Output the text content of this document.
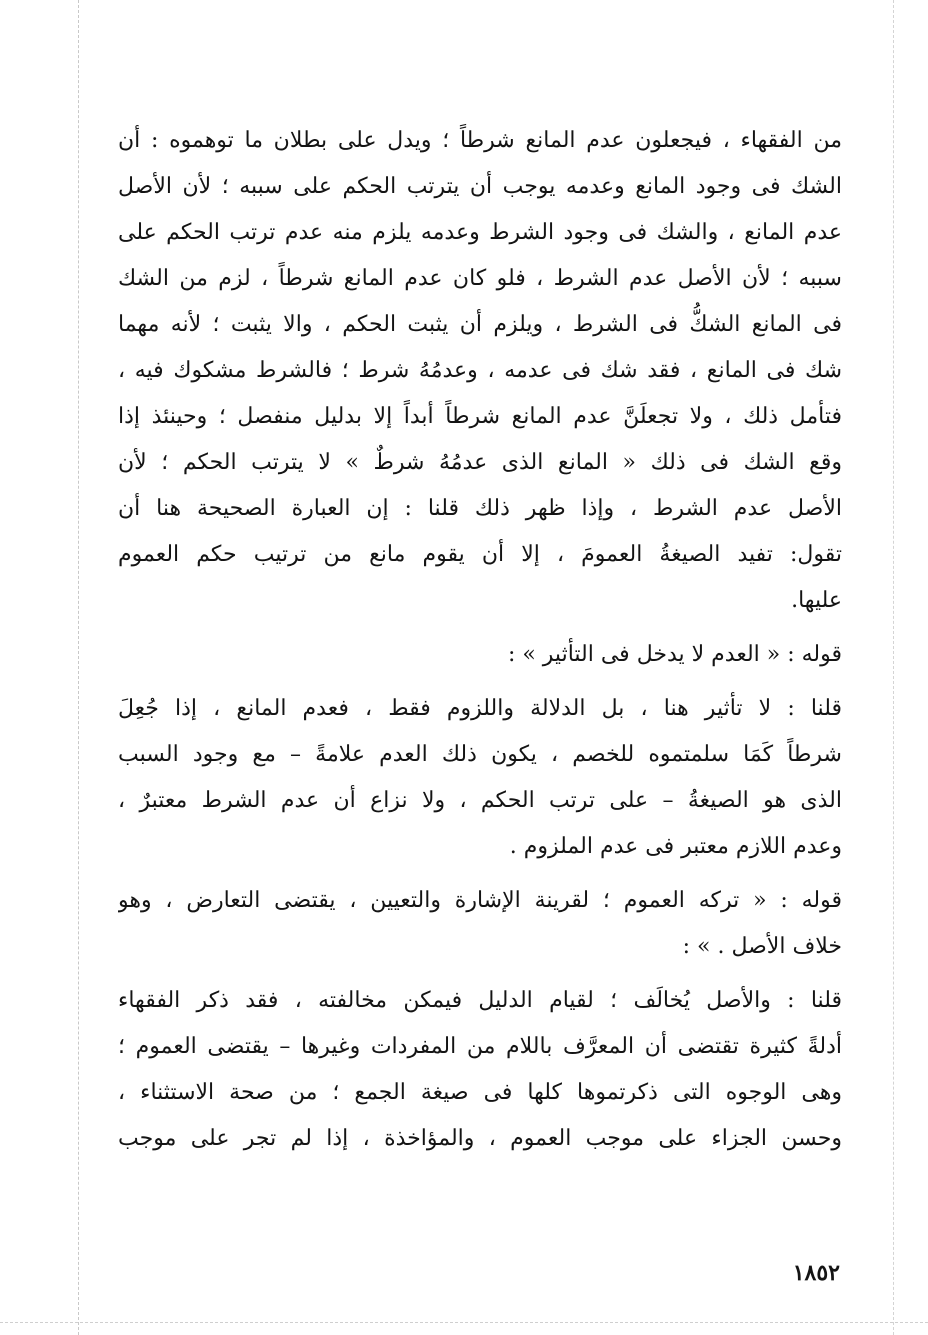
من الفقهاء ، فيجعلون عدم المانع شرطاً ؛ ويدل على بطلان ما توهموه : أن
الشك فى وجود المانع وعدمه يوجب أن يترتب الحكم على سببه ؛ لأن الأصل
عدم المانع ، والشك فى وجود الشرط وعدمه يلزم منه عدم ترتب الحكم على
سببه ؛ لأن الأصل عدم الشرط ، فلو كان عدم المانع شرطاً ، لزم من الشك
فى المانع الشكُّ فى الشرط ، ويلزم أن يثبت الحكم ، والا يثبت ؛ لأنه مهما
شك فى المانع ، فقد شك فى عدمه ، وعدمُهُ شرط ؛ فالشرط مشكوك فيه ،
فتأمل ذلك ، ولا تجعلَنَّ عدم المانع شرطاً أبداً إلا بدليل منفصل ؛ وحينئذ إذا
وقع الشك فى ذلك « المانع الذى عدمُهُ شرطٌ » لا يترتب الحكم ؛ لأن
الأصل عدم الشرط ، وإذا ظهر ذلك قلنا : إن العبارة الصحيحة هنا أن
تقول: تفيد الصيغةُ العمومَ ، إلا أن يقوم مانع من ترتيب حكم العموم
عليها.
قوله : « العدم لا يدخل فى التأثير » :
قلنا : لا تأثير هنا ، بل الدلالة واللزوم فقط ، فعدم المانع ، إذا جُعِلَ
شرطاً كَمَا سلمتموه للخصم ، يكون ذلك العدم علامةً – مع وجود السبب
الذى هو الصيغةُ – على ترتب الحكم ، ولا نزاع أن عدم الشرط معتبرٌ ،
وعدم اللازم معتبر فى عدم الملزوم .
قوله : « تركه العموم ؛ لقرينة الإشارة والتعيين ، يقتضى التعارض ، وهو
خلاف الأصل . » :
قلنا : والأصل يُخالَف ؛ لقيام الدليل فيمكن مخالفته ، فقد ذكر الفقهاء
أدلةً كثيرة تقتضى أن المعرَّف باللام من المفردات وغيرها – يقتضى العموم ؛
وهى الوجوه التى ذكرتموها كلها فى صيغة الجمع ؛ من صحة الاستثناء ،
وحسن الجزاء على موجب العموم ، والمؤاخذة ، إذا لم تجر على موجب
١٨٥٢
